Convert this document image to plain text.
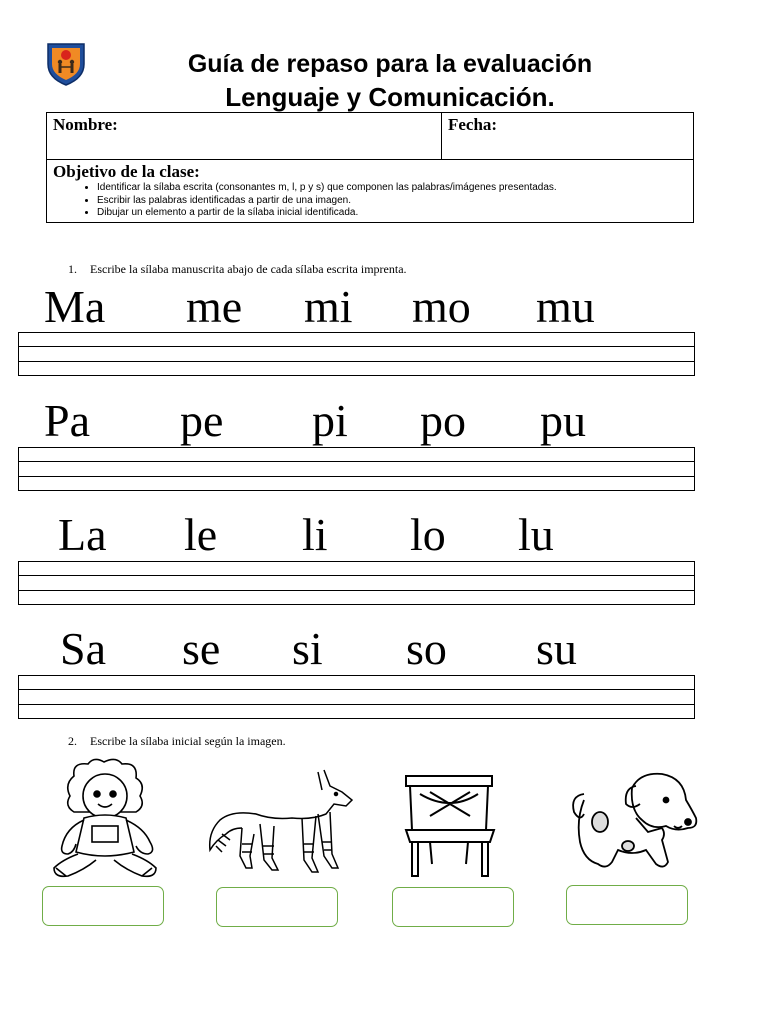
Guía de repaso para la evaluación
Lenguaje y Comunicación.
Nombre:	Fecha:

Objetivo de la clase:
• Identificar la sílaba escrita (consonantes m, l, p y s) que componen las palabras/imágenes presentadas.
• Escribir las palabras identificadas a partir de una imagen.
• Dibujar un elemento a partir de la sílaba inicial identificada.
1. Escribe la sílaba manuscrita abajo de cada sílaba escrita imprenta.
Ma me mi mo mu
Pa pe pi po pu
La le li lo lu
Sa se si so su
2. Escribe la sílaba inicial según la imagen.
